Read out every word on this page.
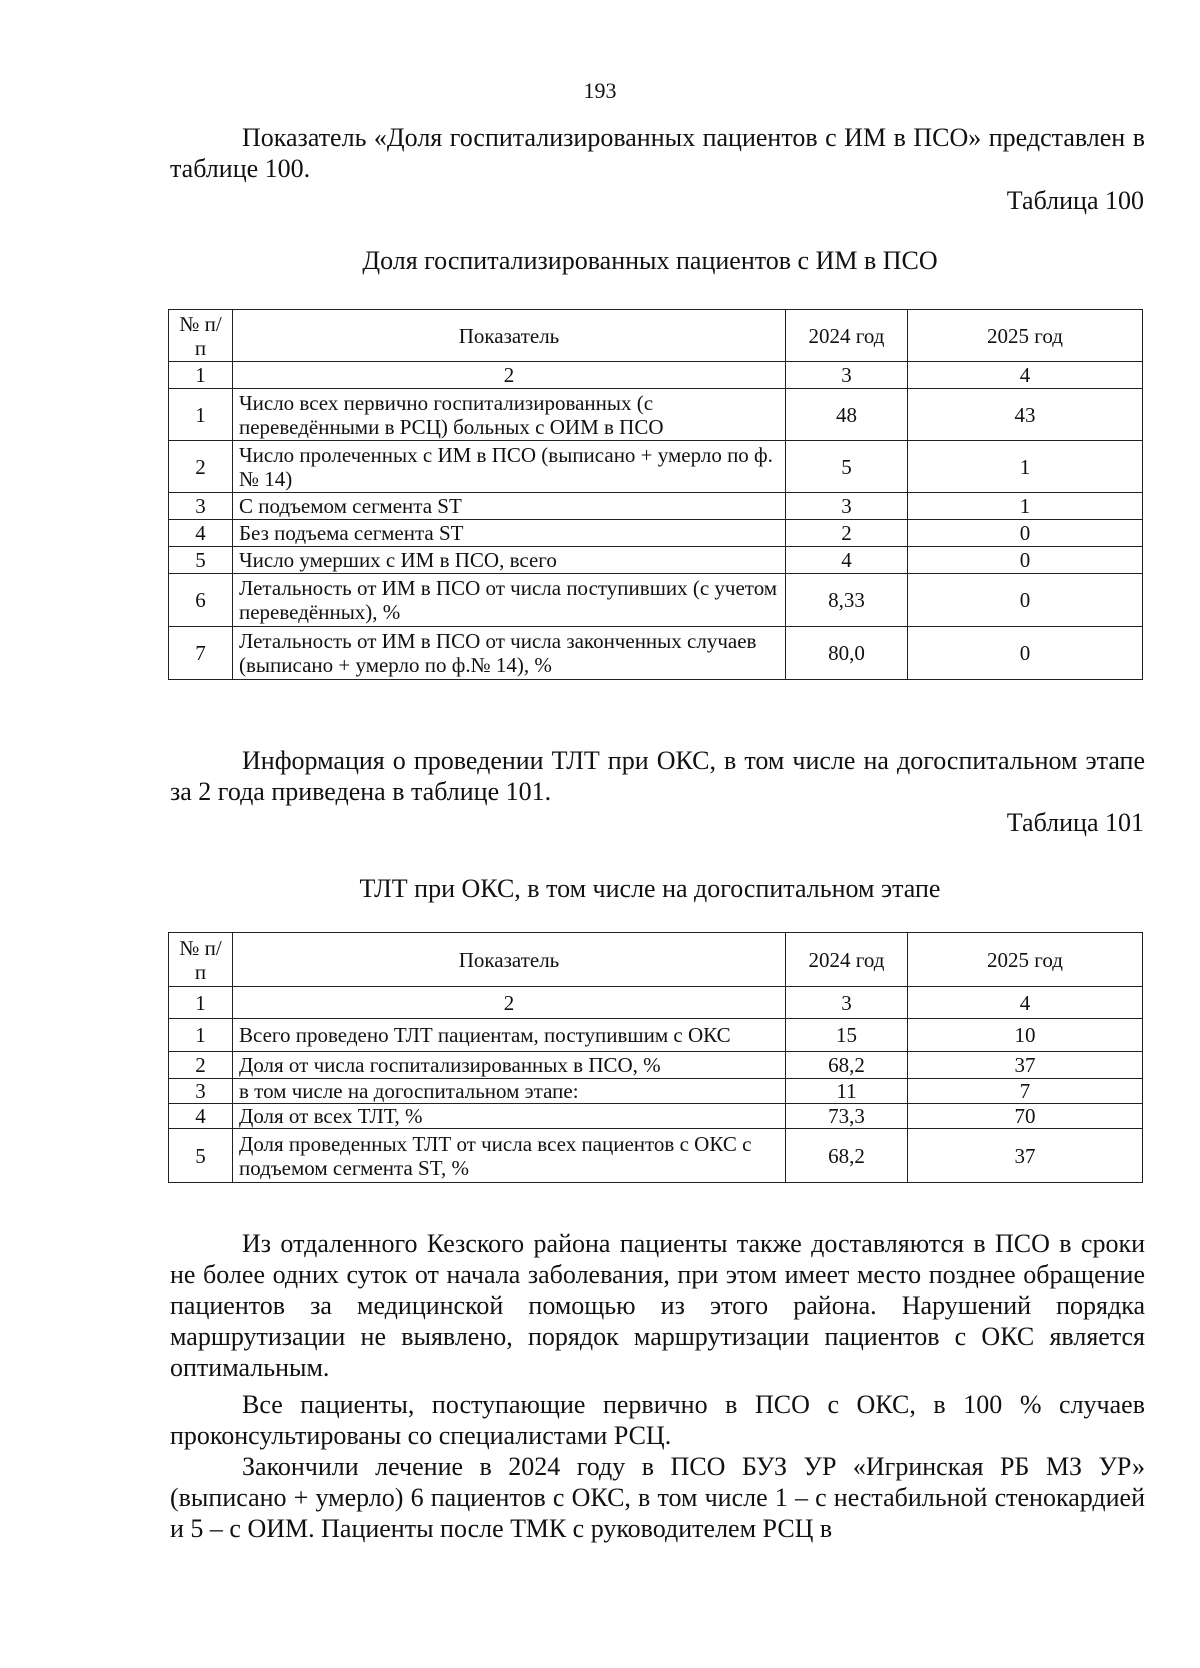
193

Показатель «Доля госпитализированных пациентов с ИМ в ПСО» представлен в таблице 100.

Таблица 100
Доля госпитализированных пациентов с ИМ в ПСО
№ п/п	Показатель	2024 год	2025 год
1	2	3	4
1	Число всех первично госпитализированных (с переведёнными в РСЦ) больных с ОИМ в ПСО	48	43
2	Число пролеченных с ИМ в ПСО (выписано + умерло по ф. № 14)	5	1
3	С подъемом сегмента ST	3	1
4	Без подъема сегмента ST	2	0
5	Число умерших с ИМ в ПСО, всего	4	0
6	Летальность от ИМ в ПСО от числа поступивших (с учетом переведённых), %	8,33	0
7	Летальность от ИМ в ПСО от числа законченных случаев (выписано + умерло по ф.№ 14), %	80,0	0

Информация о проведении ТЛТ при ОКС, в том числе на догоспитальном этапе за 2 года приведена в таблице 101.

Таблица 101
ТЛТ при ОКС, в том числе на догоспитальном этапе
№ п/п	Показатель	2024 год	2025 год
1	2	3	4
1	Всего проведено ТЛТ пациентам, поступившим с ОКС	15	10
2	Доля от числа госпитализированных в ПСО, %	68,2	37
3	в том числе на догоспитальном этапе:	11	7
4	Доля от всех ТЛТ, %	73,3	70
5	Доля проведенных ТЛТ от числа всех пациентов с ОКС с подъемом сегмента ST, %	68,2	37

Из отдаленного Кезского района пациенты также доставляются в ПСО в сроки не более одних суток от начала заболевания, при этом имеет место позднее обращение пациентов за медицинской помощью из этого района. Нарушений порядка маршрутизации не выявлено, порядок маршрутизации пациентов с ОКС является оптимальным.

Все пациенты, поступающие первично в ПСО с ОКС, в 100 % случаев проконсультированы со специалистами РСЦ.

Закончили лечение в 2024 году в ПСО БУЗ УР «Игринская РБ МЗ УР» (выписано + умерло) 6 пациентов с ОКС, в том числе 1 – с нестабильной стенокардией и 5 – с ОИМ. Пациенты после ТМК с руководителем РСЦ в
